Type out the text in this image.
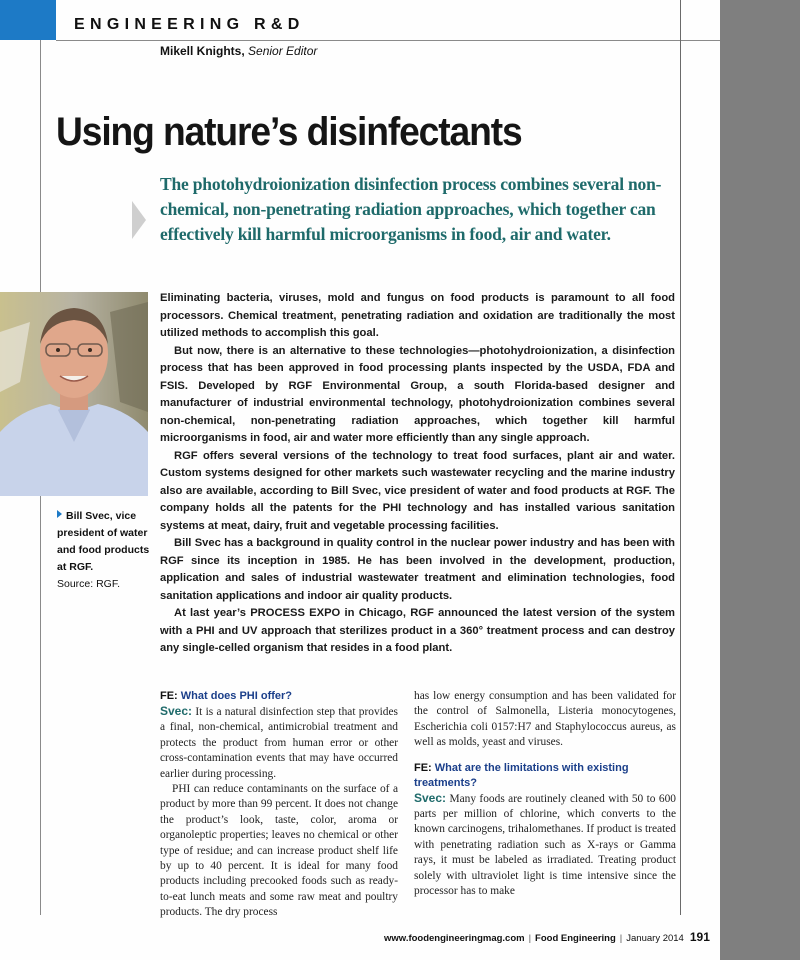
ENGINEERING R&D
Mikell Knights, Senior Editor
Using nature’s disinfectants
The photohydroionization disinfection process combines several non-chemical, non-penetrating radiation approaches, which together can effectively kill harmful microorganisms in food, air and water.
Bill Svec, vice president of water and food products at RGF.
Source: RGF.

Eliminating bacteria, viruses, mold and fungus on food products is paramount to all food processors. Chemical treatment, penetrating radiation and oxidation are traditionally the most utilized methods to accomplish this goal.

But now, there is an alternative to these technologies—photohydroionization, a disinfection process that has been approved in food processing plants inspected by the USDA, FDA and FSIS. Developed by RGF Environmental Group, a south Florida-based designer and manufacturer of industrial environmental technology, photohydroionization combines several non-chemical, non-penetrating radiation approaches, which together kill harmful microorganisms in food, air and water more efficiently than any single approach.

RGF offers several versions of the technology to treat food surfaces, plant air and water. Custom systems designed for other markets such wastewater recycling and the marine industry also are available, according to Bill Svec, vice president of water and food products at RGF. The company holds all the patents for the PHI technology and has installed various sanitation systems at meat, dairy, fruit and vegetable processing facilities.

Bill Svec has a background in quality control in the nuclear power industry and has been with RGF since its inception in 1985. He has been involved in the development, production, application and sales of industrial wastewater treatment and elimination technologies, food sanitation applications and indoor air quality products.

At last year’s PROCESS EXPO in Chicago, RGF announced the latest version of the system with a PHI and UV approach that sterilizes product in a 360° treatment process and can destroy any single-celled organism that resides in a food plant.

FE: What does PHI offer?

Svec: It is a natural disinfection step that provides a final, non-chemical, antimicrobial treatment and protects the product from human error or other cross-contamination events that may have occurred earlier during processing.

PHI can reduce contaminants on the surface of a product by more than 99 percent. It does not change the product’s look, taste, color, aroma or organoleptic properties; leaves no chemical or other type of residue; and can increase product shelf life by up to 40 percent. It is ideal for many food products including precooked foods such as ready-to-eat lunch meats and some raw meat and poultry products. The dry process

has low energy consumption and has been validated for the control of Salmonella, Listeria monocytogenes, Escherichia coli 0157:H7 and Staphylococcus aureus, as well as molds, yeast and viruses.

FE: What are the limitations with existing treatments?

Svec: Many foods are routinely cleaned with 50 to 600 parts per million of chlorine, which converts to the known carcinogens, trihalomethanes. If product is treated with penetrating radiation such as X-rays or Gamma rays, it must be labeled as irradiated. Treating product solely with ultraviolet light is time intensive since the processor has to make

www.foodengineeringmag.com | Food Engineering | January 2014 191
